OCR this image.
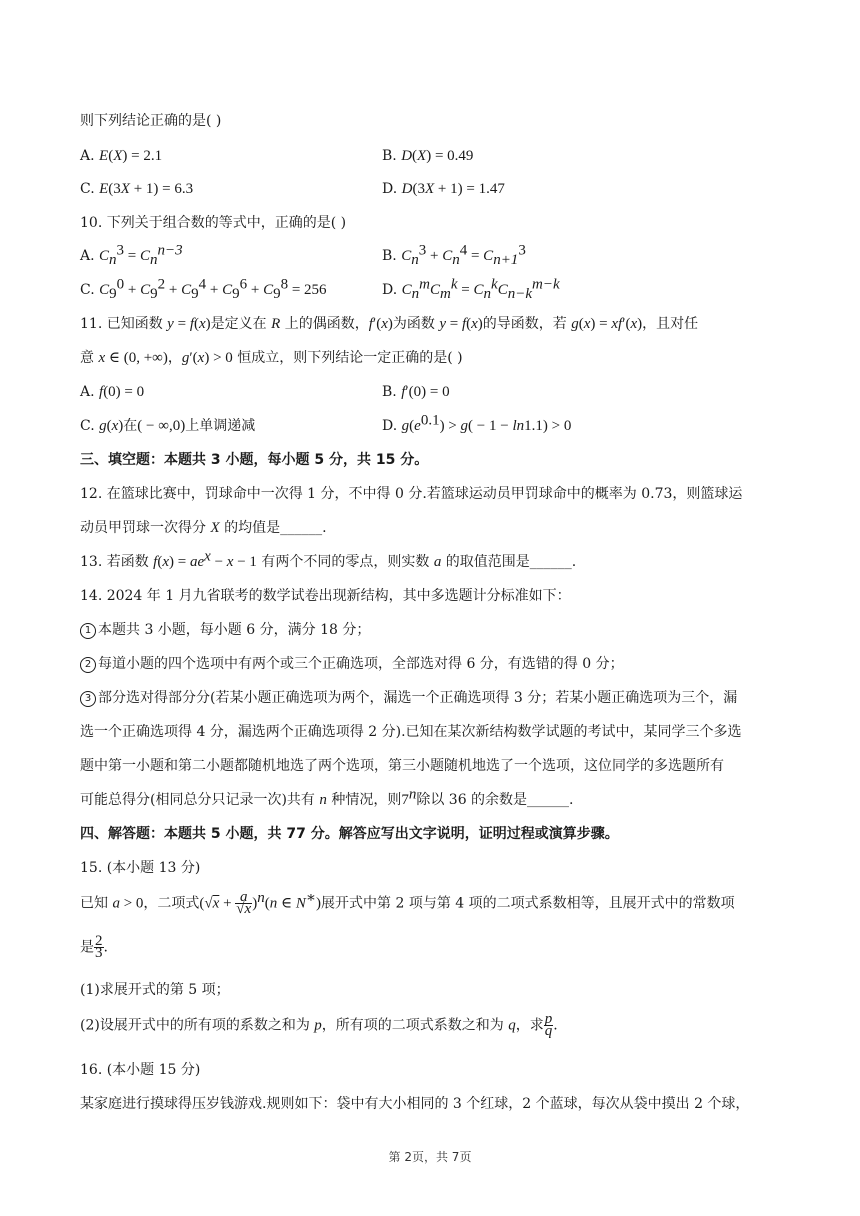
则下列结论正确的是( )
A. E(X) = 2.1	B. D(X) = 0.49
C. E(3X + 1) = 6.3	D. D(3X + 1) = 1.47
10. 下列关于组合数的等式中，正确的是( )
A. $C_n^3 = C_n^{n-3}$	B. $C_n^3 + C_n^4 = C_{n+1}^3$
C. $C_9^0 + C_9^2 + C_9^4 + C_9^6 + C_9^8 = 256$	D. $C_n^mC_m^k = C_n^kC_{n-k}^{m-k}$
11. 已知函数 y = f(x)是定义在 R 上的偶函数，f′(x)为函数 y = f(x)的导函数，若 g(x) = xf′(x)，且对任
意 x ∈ (0, +∞)，g′(x) > 0 恒成立，则下列结论一定正确的是( )
A. f(0) = 0	B. f′(0) = 0
C. g(x)在( − ∞,0)上单调递减	D. $g(e^{0.1}) > g( - 1 - \ln 1.1) > 0$
三、填空题：本题共 3 小题，每小题 5 分，共 15 分。
12. 在篮球比赛中，罚球命中一次得 1 分，不中得 0 分.若篮球运动员甲罚球命中的概率为 0.73，则篮球运
动员甲罚球一次得分 X 的均值是______.
13. 若函数 $f(x) = ae^x - x - 1$ 有两个不同的零点，则实数 a 的取值范围是______.
14. 2024 年 1 月九省联考的数学试卷出现新结构，其中多选题计分标准如下：
1 本题共 3 小题，每小题 6 分，满分 18 分；
2 每道小题的四个选项中有两个或三个正确选项，全部选对得 6 分，有选错的得 0 分；
3 部分选对得部分分(若某小题正确选项为两个，漏选一个正确选项得 3 分；若某小题正确选项为三个，漏
选一个正确选项得 4 分，漏选两个正确选项得 2 分).已知在某次新结构数学试题的考试中，某同学三个多选
题中第一小题和第二小题都随机地选了两个选项，第三小题随机地选了一个选项，这位同学的多选题所有
可能总得分(相同总分只记录一次)共有 n 种情况，则7$^n$除以 36 的余数是______.
四、解答题：本题共 5 小题，共 77 分。解答应写出文字说明，证明过程或演算步骤。
15. (本小题 13 分)
已知 a > 0，二项式$(√x + \frac{a}{√x} )^n(n$ ∈ N∗)展开式中第 2 项与第 4 项的二项式系数相等，且展开式中的常数项
是 $\frac{2}{3}$ .
(1)求展开式的第 5 项；
(2)设展开式中的所有项的系数之和为 p，所有项的二项式系数之和为 q，求 $\frac{p}{q}$ .
16. (本小题 15 分)
某家庭进行摸球得压岁钱游戏.规则如下：袋中有大小相同的 3 个红球，2 个蓝球，每次从袋中摸出 2 个球，
第 2页，共 7页
